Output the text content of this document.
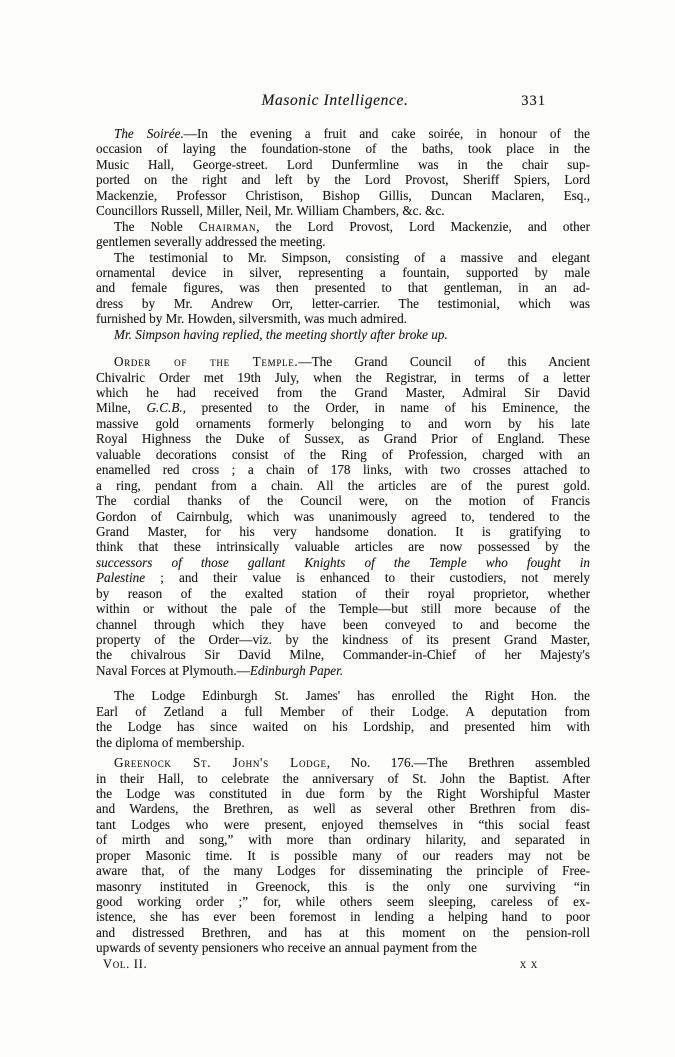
Masonic Intelligence.	331
The Soirée.—In the evening a fruit and cake soirée, in honour of the
occasion of laying the foundation-stone of the baths, took place in the
Music Hall, George-street. Lord Dunfermline was in the chair sup-
ported on the right and left by the Lord Provost, Sheriff Spiers, Lord
Mackenzie, Professor Christison, Bishop Gillis, Duncan Maclaren, Esq.,
Councillors Russell, Miller, Neil, Mr. William Chambers, &c. &c.
The Noble Chairman, the Lord Provost, Lord Mackenzie, and other
gentlemen severally addressed the meeting.
The testimonial to Mr. Simpson, consisting of a massive and elegant
ornamental device in silver, representing a fountain, supported by male
and female figures, was then presented to that gentleman, in an ad-
dress by Mr. Andrew Orr, letter-carrier. The testimonial, which was
furnished by Mr. Howden, silversmith, was much admired.
Mr. Simpson having replied, the meeting shortly after broke up.
Order of the Temple.—The Grand Council of this Ancient
Chivalric Order met 19th July, when the Registrar, in terms of a letter
which he had received from the Grand Master, Admiral Sir David
Milne, G.C.B., presented to the Order, in name of his Eminence, the
massive gold ornaments formerly belonging to and worn by his late
Royal Highness the Duke of Sussex, as Grand Prior of England. These
valuable decorations consist of the Ring of Profession, charged with an
enamelled red cross ; a chain of 178 links, with two crosses attached to
a ring, pendant from a chain. All the articles are of the purest gold.
The cordial thanks of the Council were, on the motion of Francis
Gordon of Cairnbulg, which was unanimously agreed to, tendered to the
Grand Master, for his very handsome donation. It is gratifying to
think that these intrinsically valuable articles are now possessed by the
successors of those gallant Knights of the Temple who fought in
Palestine ; and their value is enhanced to their custodiers, not merely
by reason of the exalted station of their royal proprietor, whether
within or without the pale of the Temple—but still more because of the
channel through which they have been conveyed to and become the
property of the Order—viz. by the kindness of its present Grand Master,
the chivalrous Sir David Milne, Commander-in-Chief of her Majesty's
Naval Forces at Plymouth.—Edinburgh Paper.
The Lodge Edinburgh St. James' has enrolled the Right Hon. the
Earl of Zetland a full Member of their Lodge. A deputation from
the Lodge has since waited on his Lordship, and presented him with
the diploma of membership.
Greenock St. John's Lodge, No. 176.—The Brethren assembled
in their Hall, to celebrate the anniversary of St. John the Baptist. After
the Lodge was constituted in due form by the Right Worshipful Master
and Wardens, the Brethren, as well as several other Brethren from dis-
tant Lodges who were present, enjoyed themselves in “this social feast
of mirth and song,” with more than ordinary hilarity, and separated in
proper Masonic time. It is possible many of our readers may not be
aware that, of the many Lodges for disseminating the principle of Free-
masonry instituted in Greenock, this is the only one surviving “in
good working order ;” for, while others seem sleeping, careless of ex-
istence, she has ever been foremost in lending a helping hand to poor
and distressed Brethren, and has at this moment on the pension-roll
upwards of seventy pensioners who receive an annual payment from the
Vol. II.	x x
